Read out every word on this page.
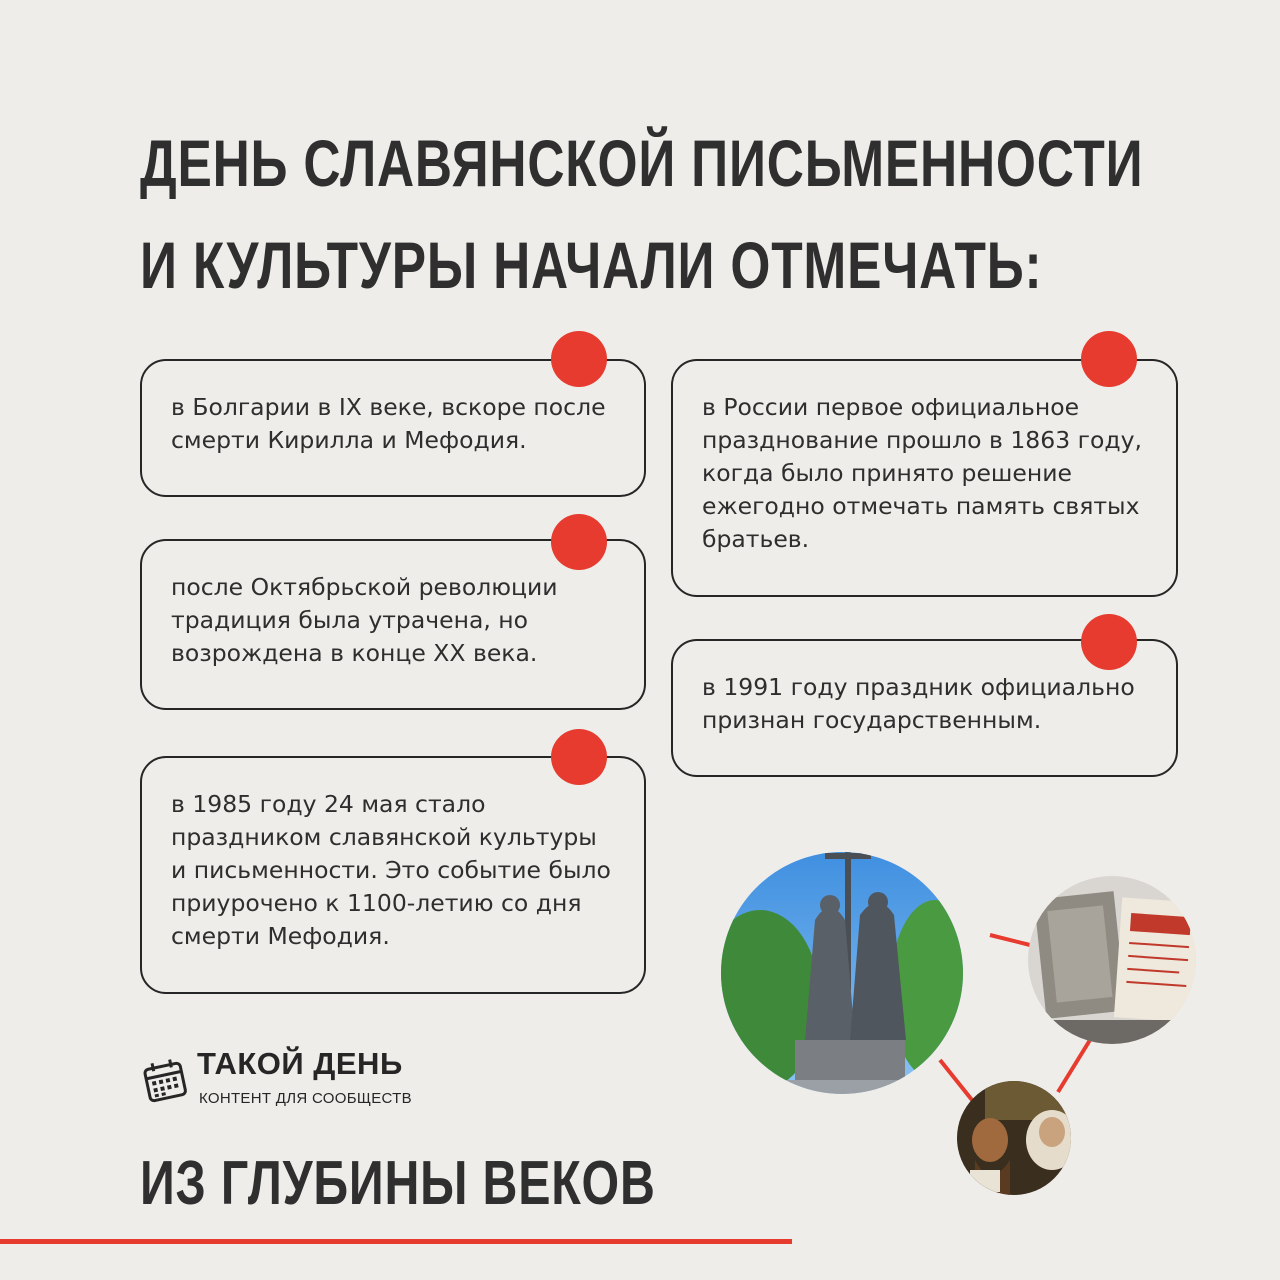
ДЕНЬ СЛАВЯНСКОЙ ПИСЬМЕННОСТИ
И КУЛЬТУРЫ НАЧАЛИ ОТМЕЧАТЬ:
в Болгарии в IX веке, вскоре после смерти Кирилла и Мефодия.
в России первое официальное празднование прошло в 1863 году, когда было принято решение ежегодно отмечать память святых братьев.
после Октябрьской революции традиция была утрачена, но возрождена в конце XX века.
в 1991 году праздник официально признан государственным.
в 1985 году 24 мая стало праздником славянской культуры и письменности. Это событие было приурочено к 1100-летию со дня смерти Мефодия.
ТАКОЙ ДЕНЬ
КОНТЕНТ ДЛЯ СООБЩЕСТВ
ИЗ ГЛУБИНЫ ВЕКОВ
